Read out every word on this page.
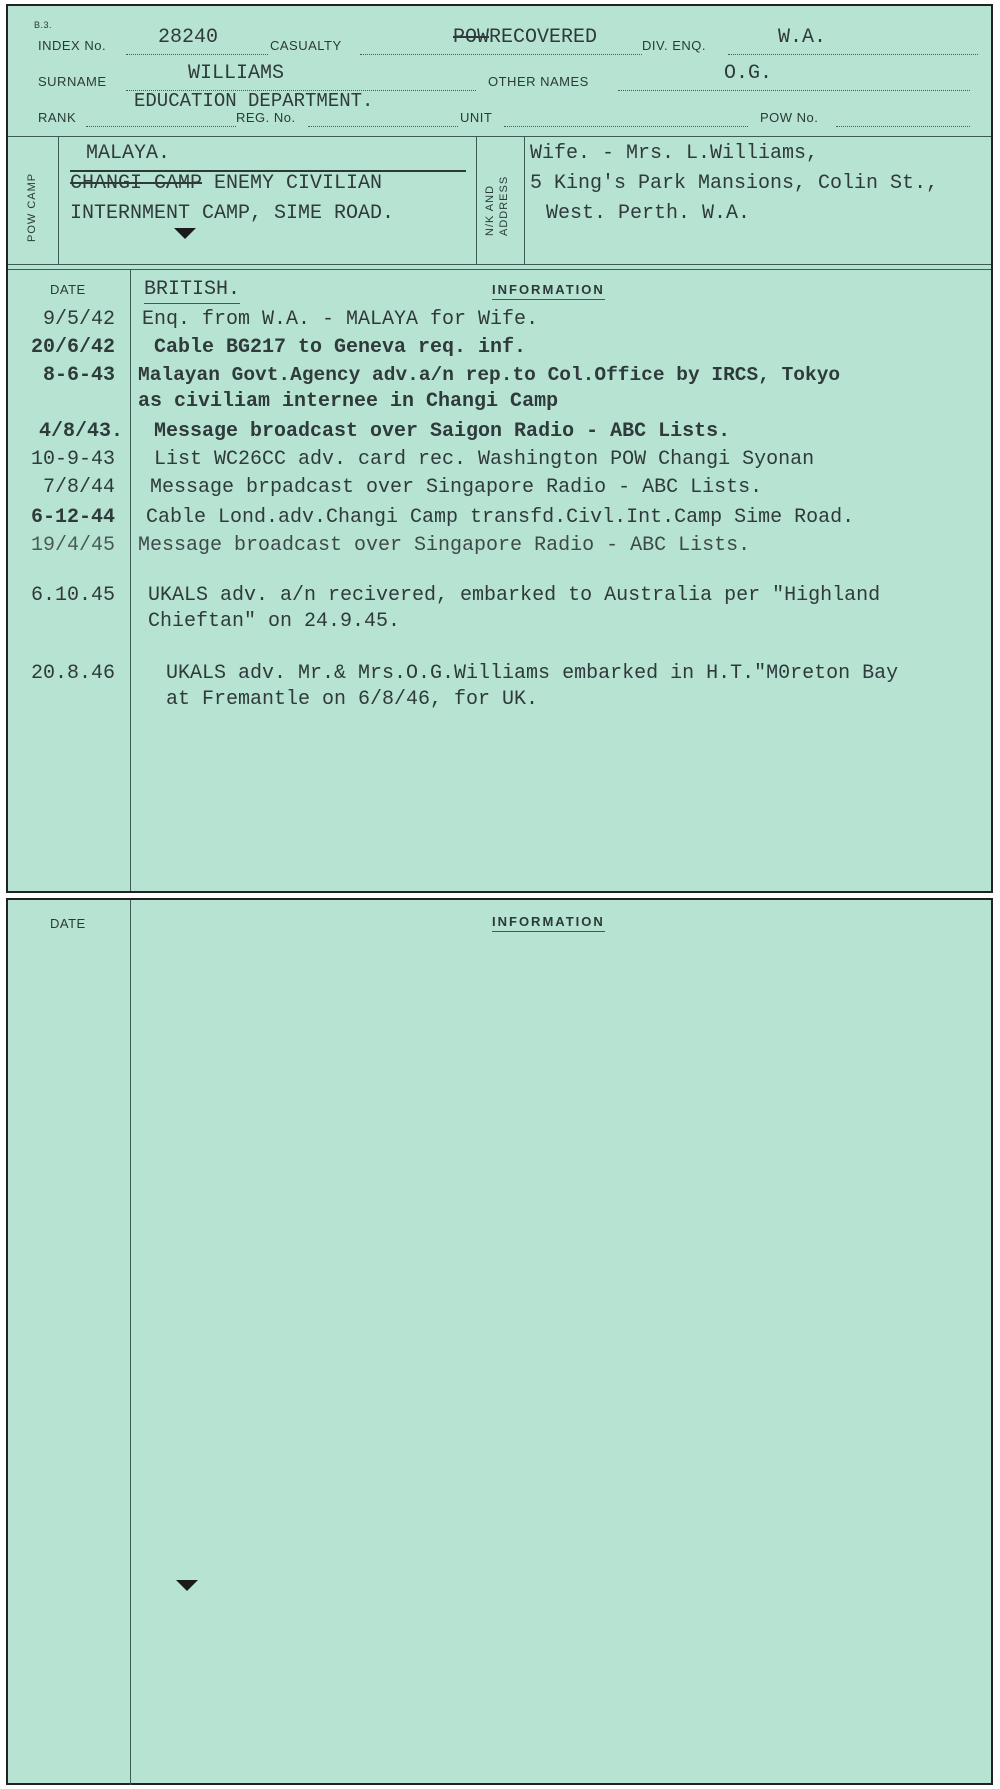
B.3.
INDEX No.	28240	CASUALTY	POWRECOVERED	DIV. ENQ.	W.A.
SURNAME	WILLIAMS	OTHER NAMES	O.G.
RANK
EDUCATION DEPARTMENT.
REG. No.	UNIT	POW No.
POW CAMP
MALAYA.
CHANGI CAMP ENEMY CIVILIAN
INTERNMENT CAMP, SIME ROAD.	N/K AND ADDRESS
Wife. - Mrs. L.Williams,
5 King's Park Mansions, Colin St.,
West. Perth. W.A.
DATE	INFORMATION
BRITISH.
9/5/42 Enq. from W.A. - MALAYA for Wife.
20/6/42 Cable BG217 to Geneva req. inf.
8-6-43 Malayan Govt.Agency adv.a/n rep.to Col.Office by IRCS, Tokyo
as civiliam internee in Changi Camp
4/8/43. Message broadcast over Saigon Radio - ABC Lists.
10-9-43 List WC26CC adv. card rec. Washington POW Changi Syonan
7/8/44 Message brpadcast over Singapore Radio - ABC Lists.
6-12-44 Cable Lond.adv.Changi Camp transfd.Civl.Int.Camp Sime Road.
19/4/45 Message broadcast over Singapore Radio - ABC Lists.
6.10.45 UKALS adv. a/n recivered, embarked to Australia per "Highland
Chieftan" on 24.9.45.
20.8.46	UKALS adv. Mr.& Mrs.O.G.Williams embarked in H.T."M0reton Bay
at Fremantle on 6/8/46, for UK.
DATE	INFORMATION
